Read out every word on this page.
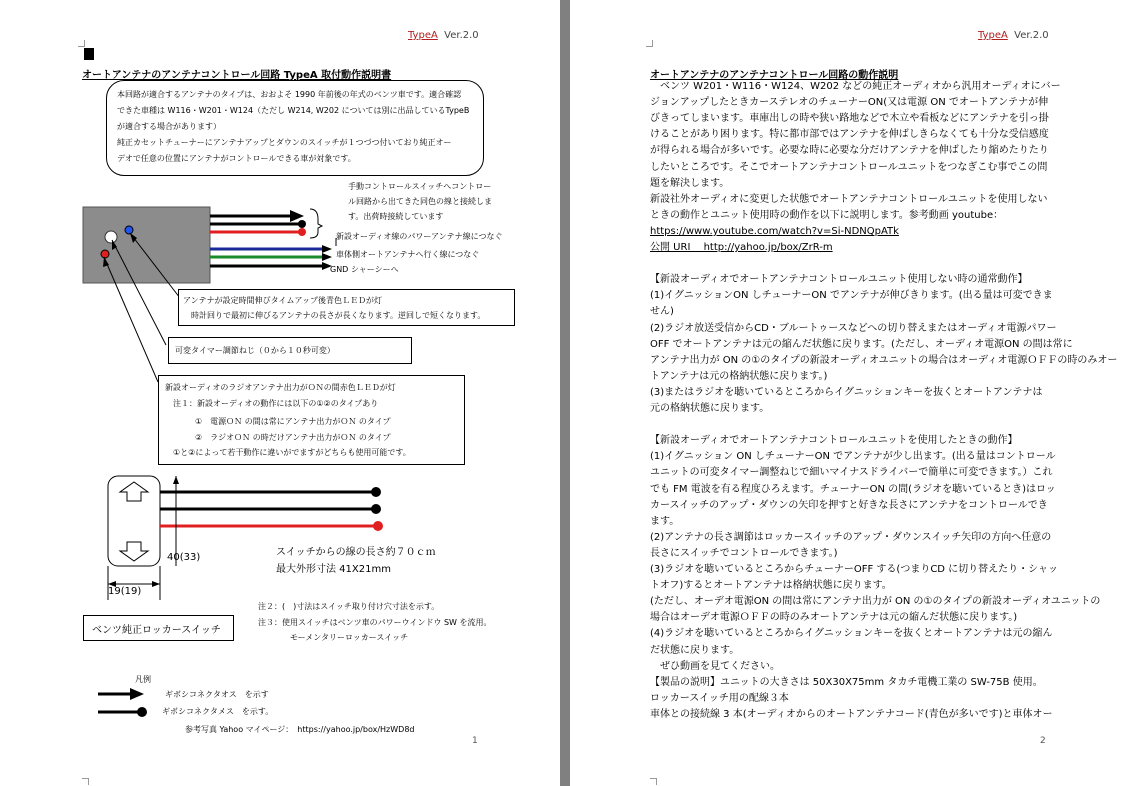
TypeA Ver.2.0
オートアンテナのアンテナコントロール回路 TypeA 取付動作説明書
本回路が適合するアンテナのタイプは、おおよそ 1990 年前後の年式のベンツ車です。適合確認
できた車種は W116・W201・W124（ただし W214, W202 については別に出品しているTypeB
が適合する場合があります）
純正カセットチューナーにアンテナアップとダウンのスイッチが１つづつ付いており純正オー
デオで任意の位置にアンテナがコントロールできる車が対象です。
手動コントロールスイッチへコントロー
ル回路から出てきた同色の線と接続しま
す。出荷時接続しています
新設オーディオ線のパワーアンテナ線につなぐ
車体側オートアンテナへ行く線につなぐ
GND シャーシーへ
アンテナが設定時間伸びタイムアップ後青色ＬＥＤが灯
時計回りで最初に伸びるアンテナの長さが長くなります。逆回しで短くなります。
可変タイマー調節ねじ（０から１０秒可変）
新設オーディオのラジオアンテナ出力がＯＮの間赤色ＬＥＤが灯
注１：新設オーディオの動作には以下の①②のタイプあり
①　電源ＯＮ の間は常にアンテナ出力がＯＮ のタイプ
②　ラジオＯＮ の時だけアンテナ出力がＯＮ のタイプ
①と②によって若干動作に違いがでますがどちらも使用可能です。
40(33)
19(19)
スイッチからの線の長さ約７０ｃｍ
最大外形寸法 41X21mm
ベンツ純正ロッカースイッチ
注２：(　)寸法はスイッチ取り付け穴寸法を示す。
注３：使用スイッチはベンツ車のパワーウインドウ SW を流用。
モーメンタリーロッカースイッチ
凡例
ギボシコネクタオス　を示す
ギボシコネクタメス　を示す。
参考写真 Yahoo マイページ：　https://yahoo.jp/box/HzWD8d
1
TypeA Ver.2.0
オートアンテナのアンテナコントロール回路の動作説明
　ベンツ W201・W116・W124、W202 などの純正オーディオから汎用オーディオにバー
ジョンアップしたときカーステレオのチューナーON(又は電源 ON でオートアンテナが伸
びきってしまいます。車庫出しの時や狭い路地などで木立や看板などにアンテナを引っ掛
けることがあり困ります。特に都市部ではアンテナを伸ばしきらなくても十分な受信感度
が得られる場合が多いです。必要な時に必要な分だけアンテナを伸ばしたり縮めたりたり
したいところです。そこでオートアンテナコントロールユニットをつなぎこむ事でこの問
題を解決します。
新設社外オーディオに変更した状態でオートアンテナコントロールユニットを使用しない
ときの動作とユニット使用時の動作を以下に説明します。参考動画 youtube：
https://www.youtube.com/watch?v=Si-NDNQpATk
公開 URI　 http://yahoo.jp/box/ZrR-m
【新設オーディオでオートアンテナコントロールユニット使用しない時の通常動作】
(1)イグニッションON しチューナーON でアンテナが伸びきります。(出る量は可変できま
せん)
(2)ラジオ放送受信からCD・ブルートゥースなどへの切り替えまたはオーディオ電源パワー
OFF でオートアンテナは元の縮んだ状態に戻ります。(ただし、オーディオ電源ON の間は常に
アンテナ出力が ON の①のタイプの新設オーディオユニットの場合はオーディオ電源ＯＦＦの時のみオー
トアンテナは元の格納状態に戻ります。)
(3)またはラジオを聴いているところからイグニッションキーを抜くとオートアンテナは
元の格納状態に戻ります。
【新設オーディオでオートアンテナコントロールユニットを使用したときの動作】
(1)イグニッション ON しチューナーON でアンテナが少し出ます。(出る量はコントロール
ユニットの可変タイマー調整ねじで細いマイナスドライバーで簡単に可変できます。）これ
でも FM 電波を有る程度ひろえます。チューナーON の間(ラジオを聴いているとき)はロッ
カースイッチのアップ・ダウンの矢印を押すと好きな長さにアンテナをコントロールでき
ます。
(2)アンテナの長さ調節はロッカースイッチのアップ・ダウンスイッチ矢印の方向へ任意の
長さにスイッチでコントロールできます。)
(3)ラジオを聴いているところからチューナーOFF する(つまりCD に切り替えたり・シャッ
トオフ)するとオートアンテナは格納状態に戻ります。
(ただし、オーデオ電源ON の間は常にアンテナ出力が ON の①のタイプの新設オーディオユニットの
場合はオーデオ電源ＯＦＦの時のみオートアンテナは元の縮んだ状態に戻ります。)
(4)ラジオを聴いているところからイグニッションキーを抜くとオートアンテナは元の縮ん
だ状態に戻ります。
　ぜひ動画を見てください。
【製品の説明】ユニットの大きさは 50X30X75mm タカチ電機工業の SW-75B 使用。
ロッカースイッチ用の配線３本
車体との接続線 3 本(オーディオからのオートアンテナコード(青色が多いです)と車体オー
2
